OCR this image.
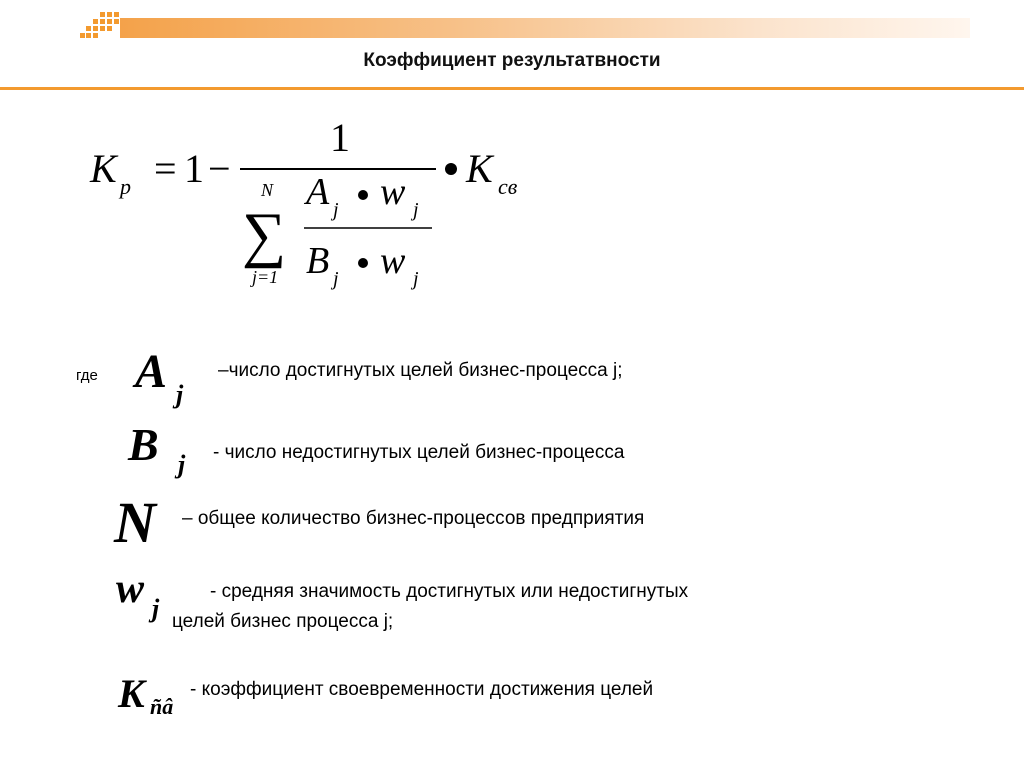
Коэффициент результатвности
K p = 1 −
1
N
∑
j=1
A j w j
B j w j
K св
где A j
–число достигнутых целей бизнес-процесса j;
B j - число недостигнутых целей бизнес-процесса
N – общее количество бизнес-процессов предприятия
w j
- средняя значимость достигнутых или недостигнутых
целей бизнес процесса j;
K ñâ
- коэффициент своевременности достижения целей
